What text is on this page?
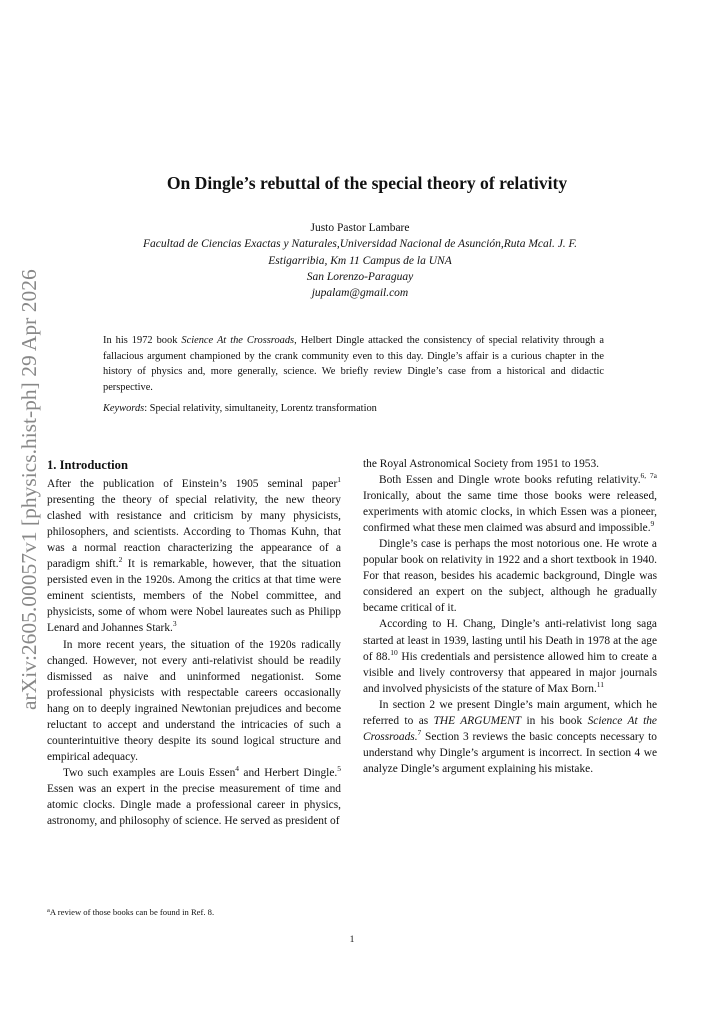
arXiv:2605.00057v1 [physics.hist-ph] 29 Apr 2026
On Dingle’s rebuttal of the special theory of relativity
Justo Pastor Lambare
Facultad de Ciencias Exactas y Naturales,Universidad Nacional de Asunción,Ruta Mcal. J. F.
Estigarribia, Km 11 Campus de la UNA
San Lorenzo-Paraguay
jupalam@gmail.com
In his 1972 book Science At the Crossroads, Helbert Dingle attacked the consistency of special relativity through a fallacious argument championed by the crank community even to this day. Dingle’s affair is a curious chapter in the history of physics and, more generally, science. We briefly review Dingle’s case from a historical and didactic perspective.
Keywords: Special relativity, simultaneity, Lorentz transformation
1. Introduction

After the publication of Einstein’s 1905 seminal paper$^1$ presenting the theory of special relativity, the new theory clashed with resistance and criticism by many physicists, philosophers, and scientists. According to Thomas Kuhn, that was a normal reaction characterizing the appearance of a paradigm shift.$^2$ It is remarkable, however, that the situation persisted even in the 1920s. Among the critics at that time were eminent scientists, members of the Nobel committee, and physicists, some of whom were Nobel laureates such as Philipp Lenard and Johannes Stark.$^3$

In more recent years, the situation of the 1920s radically changed. However, not every anti-relativist should be readily dismissed as naive and uninformed negationist. Some professional physicists with respectable careers occasionally hang on to deeply ingrained Newtonian prejudices and become reluctant to accept and understand the intricacies of such a counterintuitive theory despite its sound logical structure and empirical adequacy.

Two such examples are Louis Essen$^4$ and Herbert Dingle.$^5$ Essen was an expert in the precise measurement of time and atomic clocks. Dingle made a professional career in physics, astronomy, and philosophy of science. He served as president of

the Royal Astronomical Society from 1951 to 1953.

Both Essen and Dingle wrote books refuting relativity.$^{6, 7a}$ Ironically, about the same time those books were released, experiments with atomic clocks, in which Essen was a pioneer, confirmed what these men claimed was absurd and impossible.$^9$

Dingle’s case is perhaps the most notorious one. He wrote a popular book on relativity in 1922 and a short textbook in 1940. For that reason, besides his academic background, Dingle was considered an expert on the subject, although he gradually became critical of it.

According to H. Chang, Dingle’s anti-relativist long saga started at least in 1939, lasting until his Death in 1978 at the age of 88.10 His credentials and persistence allowed him to create a visible and lively controversy that appeared in major journals and involved physicists of the stature of Max Born.$^{11}$

In section 2 we present Dingle’s main argument, which he referred to as THE ARGUMENT in his book Science At the Crossroads.$^7$ Section 3 reviews the basic concepts necessary to understand why Dingle’s argument is incorrect. In section 4 we analyze Dingle’s argument explaining his mistake.

$^a$A review of those books can be found in Ref. 8.
1
